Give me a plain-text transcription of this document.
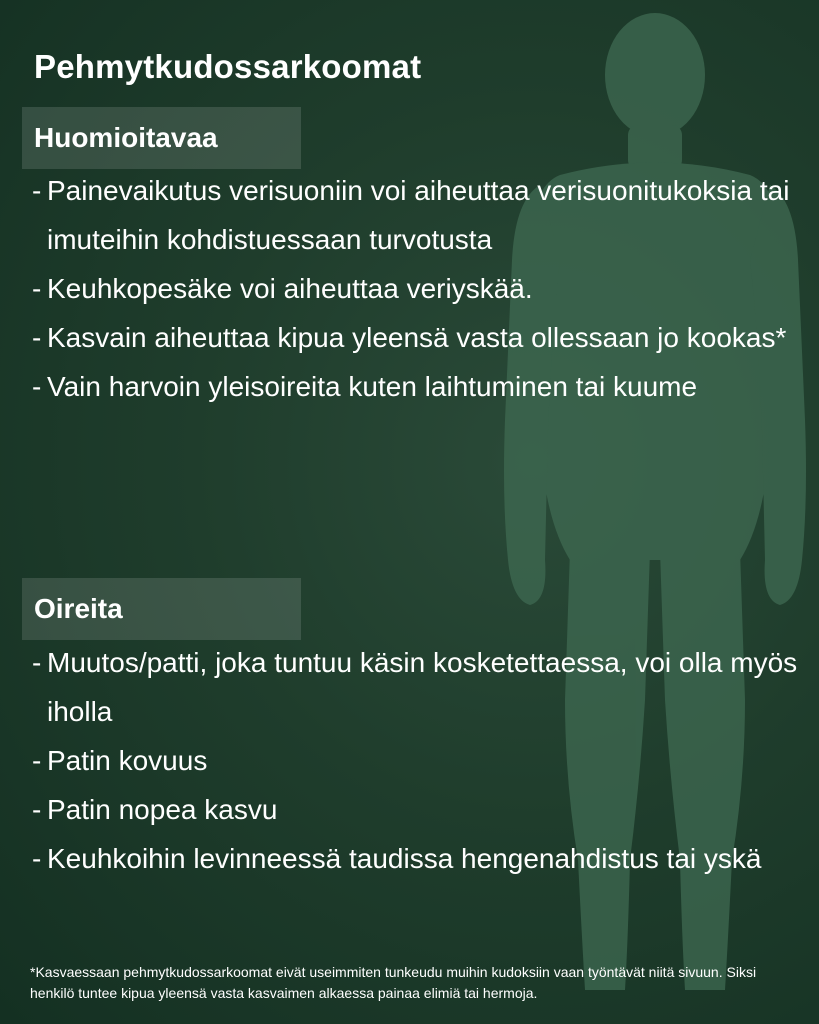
Pehmytkudossarkoomat
Huomioitavaa
- Painevaikutus verisuoniin voi aiheuttaa verisuonitukoksia tai imuteihin kohdistuessaan turvotusta
- Keuhkopesäke voi aiheuttaa veriyskää.
- Kasvain aiheuttaa kipua yleensä vasta ollessaan jo kookas*
- Vain harvoin yleisoireita kuten laihtuminen tai kuume
Oireita
- Muutos/patti, joka tuntuu käsin kosketettaessa, voi olla myös iholla
- Patin kovuus
- Patin nopea kasvu
- Keuhkoihin levinneessä taudissa hengenahdistus tai yskä
*Kasvaessaan pehmytkudossarkoomat eivät useimmiten tunkeudu muihin kudoksiin vaan työntävät niitä sivuun. Siksi henkilö tuntee kipua yleensä vasta kasvaimen alkaessa painaa elimiä tai hermoja.
